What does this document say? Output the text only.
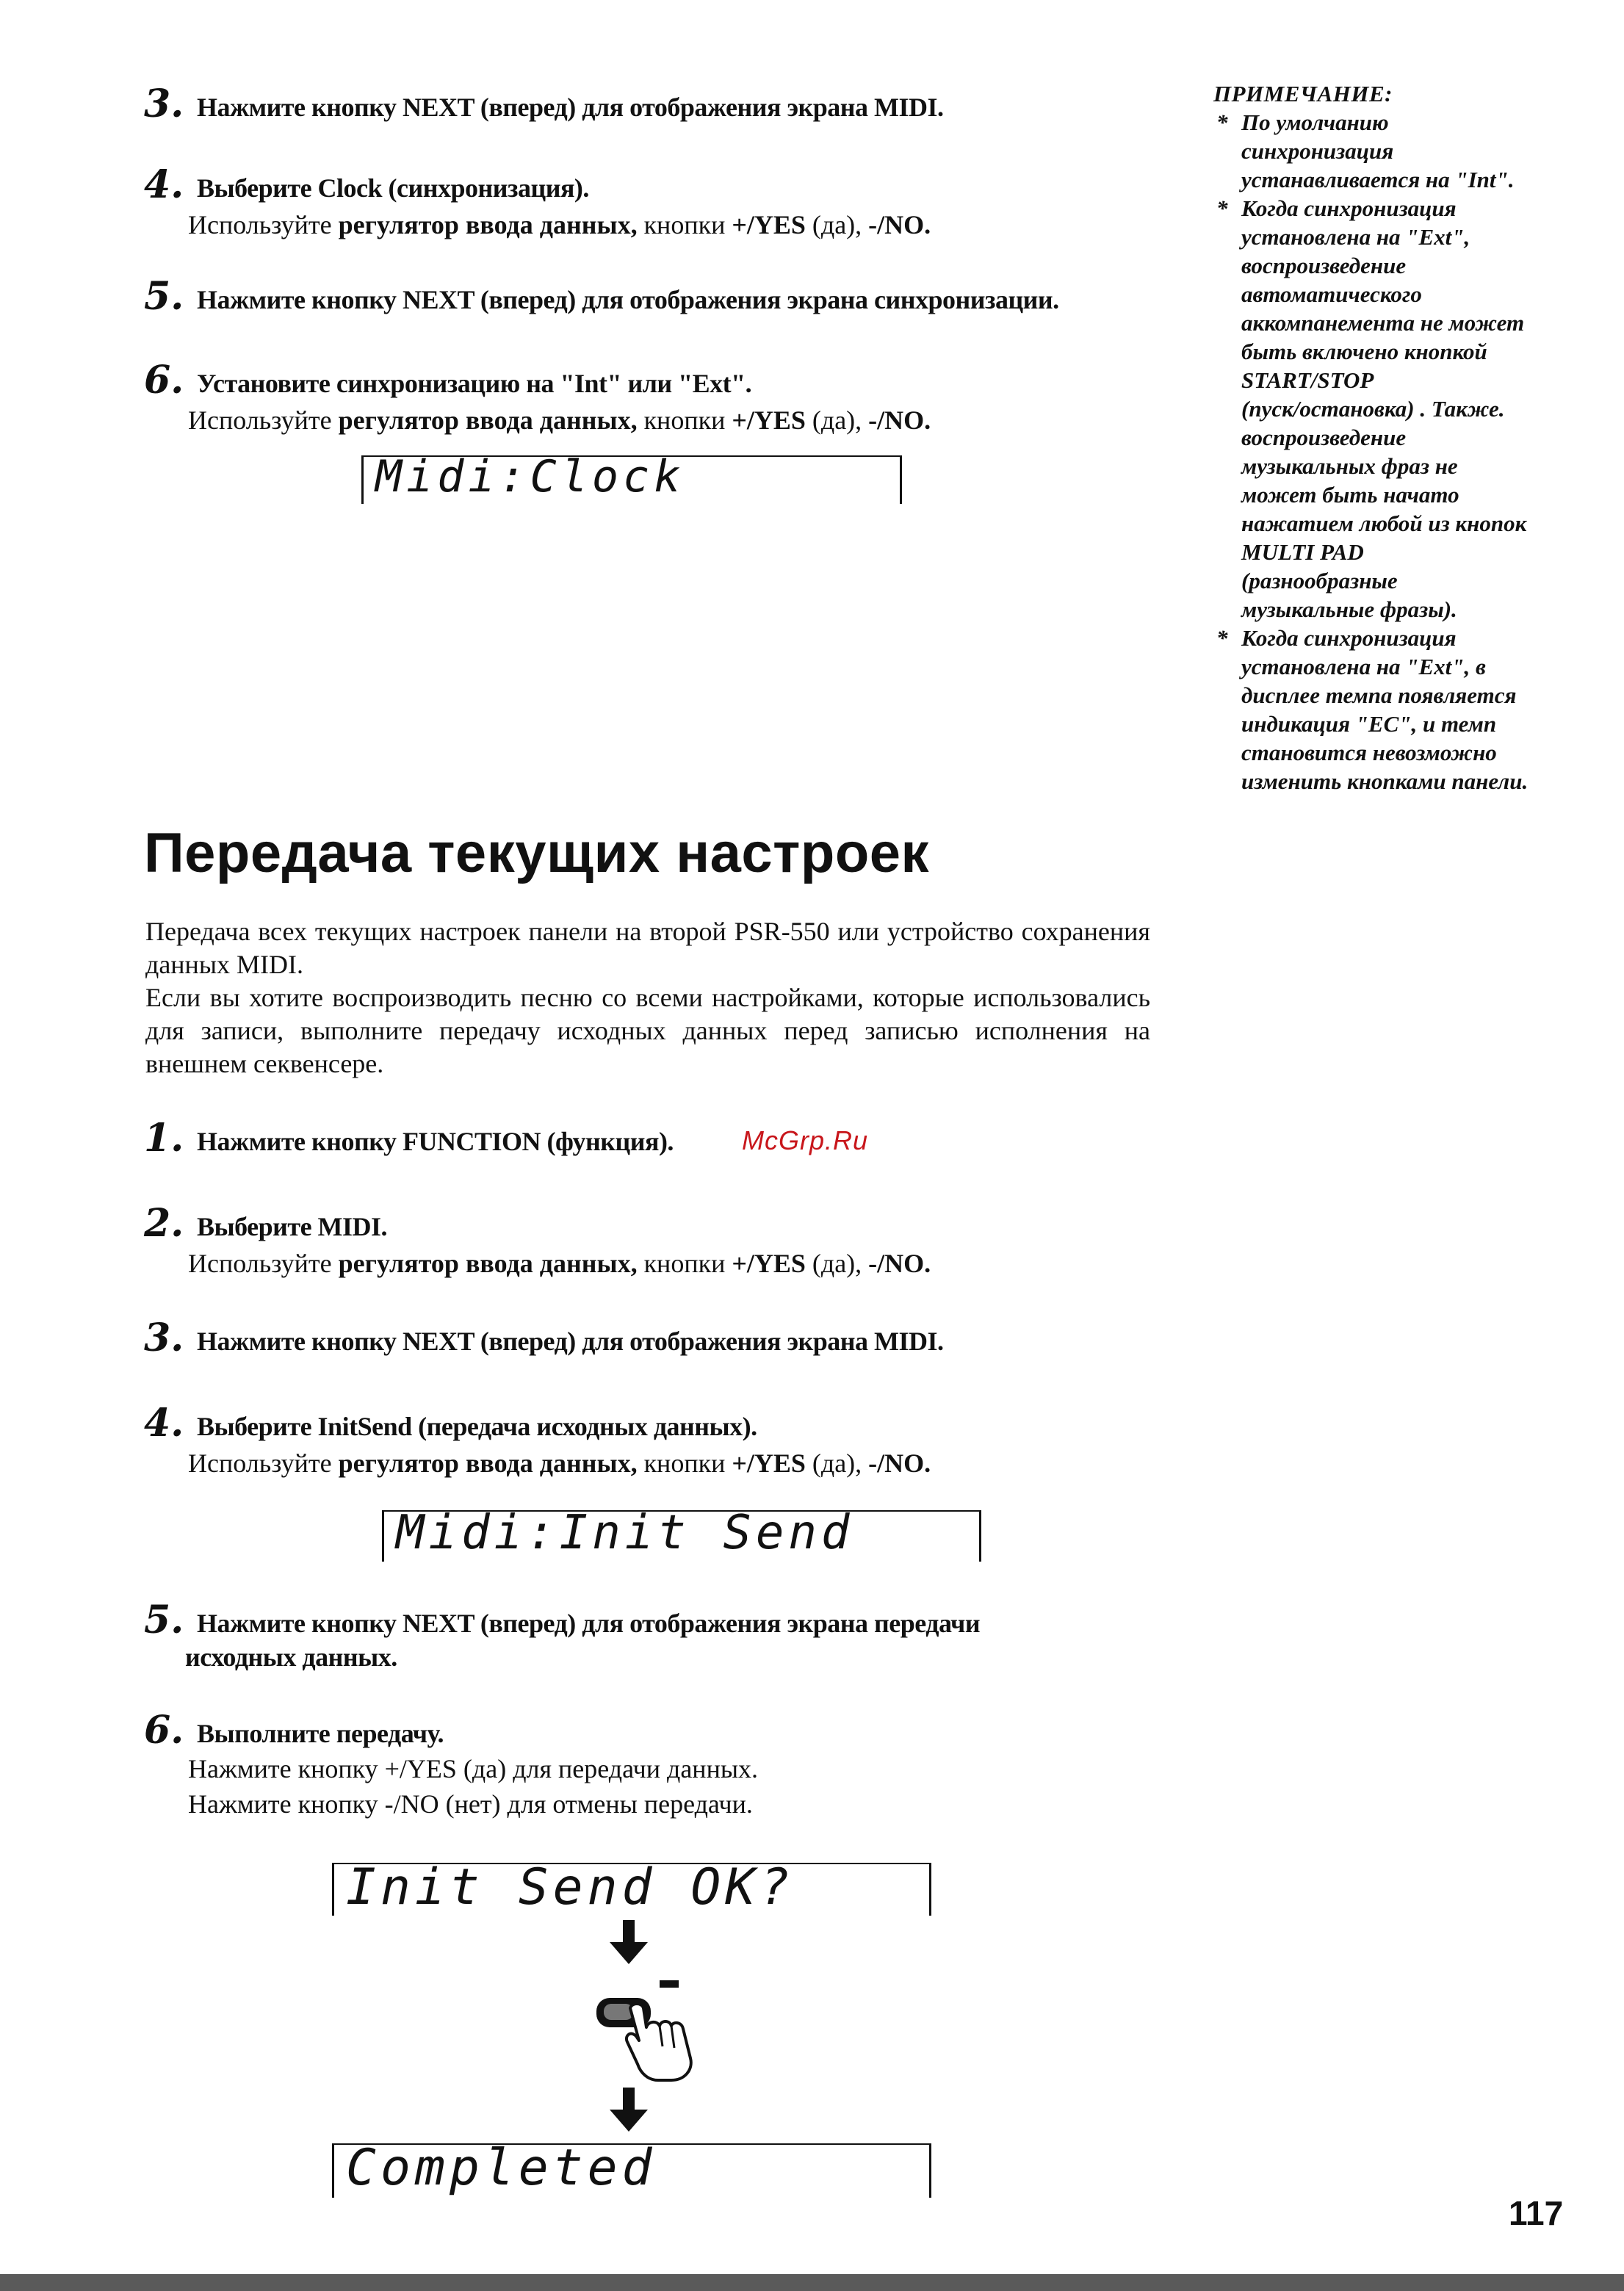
3. Нажмите кнопку NEXT (вперед) для отображения экрана MIDI.
4. Выберите Clock (синхронизация).
Используйте регулятор ввода данных, кнопки +/YES (да), -/NO.
5. Нажмите кнопку NEXT (вперед) для отображения экрана синхронизации.
6. Установите синхронизацию на "Int" или "Ext".
Используйте регулятор ввода данных, кнопки +/YES (да), -/NO.
Midi:Clock
ПРИМЕЧАНИЕ:
* По умолчанию
синхронизация
устанавливается на "Int".
* Когда синхронизация
установлена на "Ext",
воспроизведение
автоматического
аккомпанемента не может
быть включено кнопкой
START/STOP
(пуск/остановка) . Также.
воспроизведение
музыкальных фраз не
может быть начато
нажатием любой из кнопок
MULTI PAD
(разнообразные
музыкальные фразы).
* Когда синхронизация
установлена на "Ext", в
дисплее темпа появляется
индикация "ЕС", и темп
становится невозможно
изменить кнопками панели.
Передача текущих настроек
Передача всех текущих настроек панели на второй PSR-550 или устройство сохранения данных MIDI.
Если вы хотите воспроизводить песню со всеми настройками, которые использовались для записи, выполните передачу исходных данных перед записью исполнения на внешнем секвенсере.
1. Нажмите кнопку FUNCTION (функция).	McGrp.Ru
2. Выберите MIDI.
Используйте регулятор ввода данных, кнопки +/YES (да), -/NO.
3. Нажмите кнопку NEXT (вперед) для отображения экрана MIDI.
4. Выберите InitSend (передача исходных данных).
Используйте регулятор ввода данных, кнопки +/YES (да), -/NO.
Midi:Init Send
5. Нажмите кнопку NEXT (вперед) для отображения экрана передачи
исходных данных.
6. Выполните передачу.
Нажмите кнопку +/YES (да) для передачи данных.
Нажмите кнопку -/NO (нет) для отмены передачи.
Init Send OK?
Completed
117
